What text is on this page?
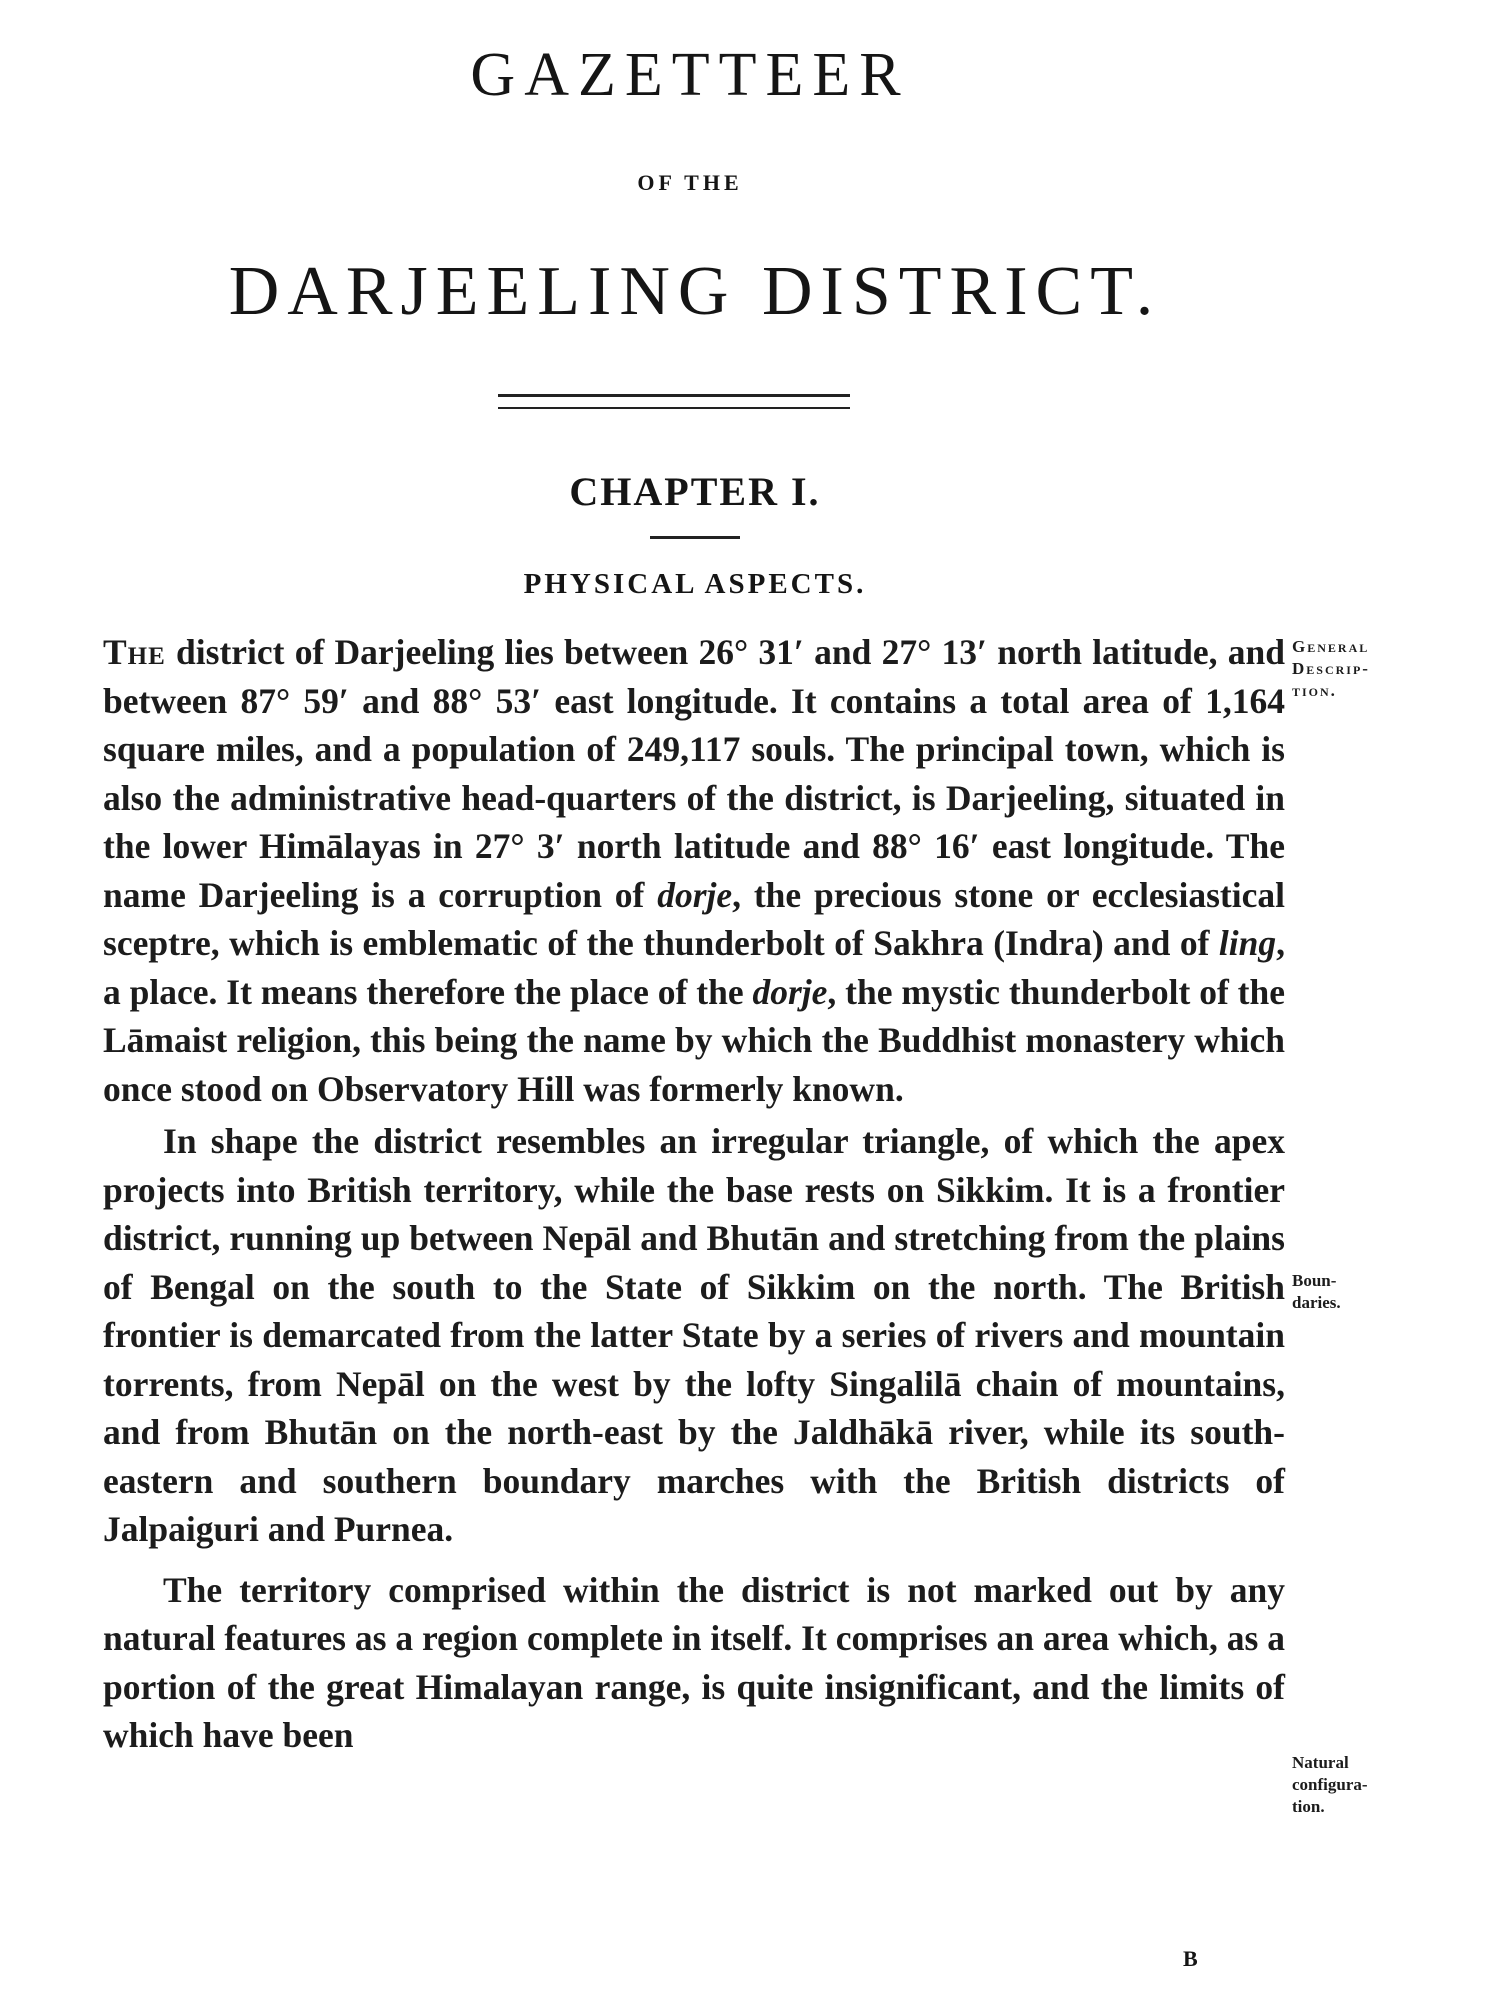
GAZETTEER
OF THE
DARJEELING DISTRICT.
CHAPTER I.
PHYSICAL ASPECTS.

The district of Darjeeling lies between 26° 31′ and 27° 13′ north latitude, and between 87° 59′ and 88° 53′ east longitude. It contains a total area of 1,164 square miles, and a population of 249,117 souls. The principal town, which is also the administrative head-quarters of the district, is Darjeeling, situated in the lower Himālayas in 27° 3′ north latitude and 88° 16′ east longitude. The name Darjeeling is a corruption of dorje, the precious stone or ecclesiastical sceptre, which is emblematic of the thunderbolt of Sakhra (Indra) and of ling, a place. It means therefore the place of the dorje, the mystic thunderbolt of the Lāmaist religion, this being the name by which the Buddhist monastery which once stood on Observatory Hill was formerly known.

In shape the district resembles an irregular triangle, of which the apex projects into British territory, while the base rests on Sikkim. It is a frontier district, running up between Nepāl and Bhutān and stretching from the plains of Bengal on the south to the State of Sikkim on the north. The British frontier is demarcated from the latter State by a series of rivers and mountain torrents, from Nepāl on the west by the lofty Singalilā chain of mountains, and from Bhutān on the north-east by the Jaldhākā river, while its south-eastern and southern boundary marches with the British districts of Jalpaiguri and Purnea.

The territory comprised within the district is not marked out by any natural features as a region complete in itself. It comprises an area which, as a portion of the great Himalayan range, is quite insignificant, and the limits of which have been

General
Descrip-
tion.
Boun-
daries.
Natural
configura-
tion.
B
